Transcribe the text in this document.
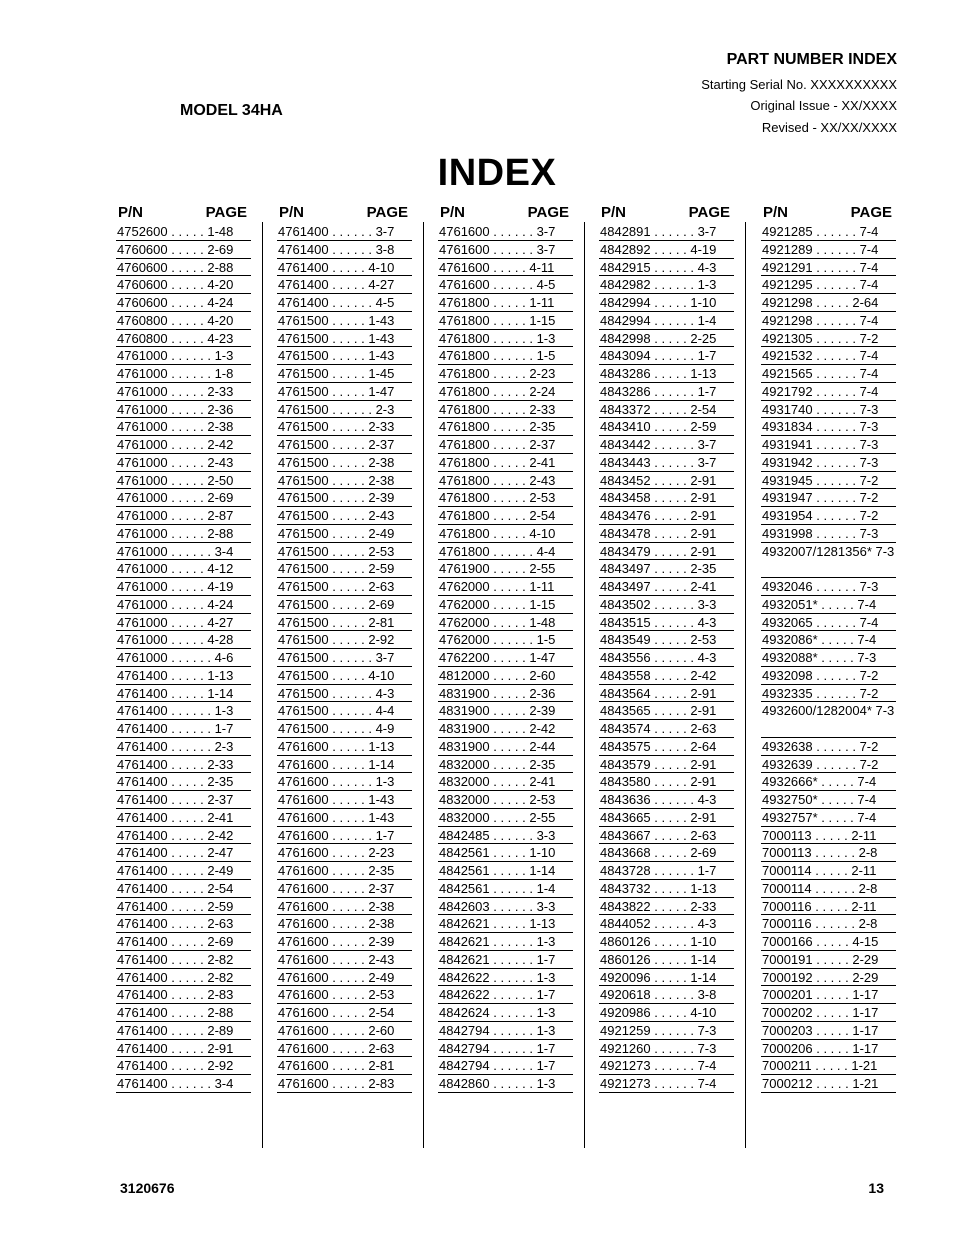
PART NUMBER INDEX
Starting Serial No. XXXXXXXXXX
Original Issue - XX/XXXX
Revised - XX/XX/XXXX
MODEL 34HA
INDEX
P/N	PAGE
4752600 . . . . . 1-48
4760600 . . . . . 2-69
4760600 . . . . . 2-88
4760600 . . . . . 4-20
4760600 . . . . . 4-24
4760800 . . . . . 4-20
4760800 . . . . . 4-23
4761000 . . . . . . 1-3
4761000 . . . . . . 1-8
4761000 . . . . . 2-33
4761000 . . . . . 2-36
4761000 . . . . . 2-38
4761000 . . . . . 2-42
4761000 . . . . . 2-43
4761000 . . . . . 2-50
4761000 . . . . . 2-69
4761000 . . . . . 2-87
4761000 . . . . . 2-88
4761000 . . . . . . 3-4
4761000 . . . . . 4-12
4761000 . . . . . 4-19
4761000 . . . . . 4-24
4761000 . . . . . 4-27
4761000 . . . . . 4-28
4761000 . . . . . . 4-6
4761400 . . . . . 1-13
4761400 . . . . . 1-14
4761400 . . . . . . 1-3
4761400 . . . . . . 1-7
4761400 . . . . . . 2-3
4761400 . . . . . 2-33
4761400 . . . . . 2-35
4761400 . . . . . 2-37
4761400 . . . . . 2-41
4761400 . . . . . 2-42
4761400 . . . . . 2-47
4761400 . . . . . 2-49
4761400 . . . . . 2-54
4761400 . . . . . 2-59
4761400 . . . . . 2-63
4761400 . . . . . 2-69
4761400 . . . . . 2-82
4761400 . . . . . 2-82
4761400 . . . . . 2-83
4761400 . . . . . 2-88
4761400 . . . . . 2-89
4761400 . . . . . 2-91
4761400 . . . . . 2-92
4761400 . . . . . . 3-4
P/N	PAGE
4761400 . . . . . . 3-7
4761400 . . . . . . 3-8
4761400 . . . . . 4-10
4761400 . . . . . 4-27
4761400 . . . . . . 4-5
4761500 . . . . . 1-43
4761500 . . . . . 1-43
4761500 . . . . . 1-43
4761500 . . . . . 1-45
4761500 . . . . . 1-47
4761500 . . . . . . 2-3
4761500 . . . . . 2-33
4761500 . . . . . 2-37
4761500 . . . . . 2-38
4761500 . . . . . 2-38
4761500 . . . . . 2-39
4761500 . . . . . 2-43
4761500 . . . . . 2-49
4761500 . . . . . 2-53
4761500 . . . . . 2-59
4761500 . . . . . 2-63
4761500 . . . . . 2-69
4761500 . . . . . 2-81
4761500 . . . . . 2-92
4761500 . . . . . . 3-7
4761500 . . . . . 4-10
4761500 . . . . . . 4-3
4761500 . . . . . . 4-4
4761500 . . . . . . 4-9
4761600 . . . . . 1-13
4761600 . . . . . 1-14
4761600 . . . . . . 1-3
4761600 . . . . . 1-43
4761600 . . . . . 1-43
4761600 . . . . . . 1-7
4761600 . . . . . 2-23
4761600 . . . . . 2-35
4761600 . . . . . 2-37
4761600 . . . . . 2-38
4761600 . . . . . 2-38
4761600 . . . . . 2-39
4761600 . . . . . 2-43
4761600 . . . . . 2-49
4761600 . . . . . 2-53
4761600 . . . . . 2-54
4761600 . . . . . 2-60
4761600 . . . . . 2-63
4761600 . . . . . 2-81
4761600 . . . . . 2-83
P/N	PAGE
4761600 . . . . . . 3-7
4761600 . . . . . . 3-7
4761600 . . . . . 4-11
4761600 . . . . . . 4-5
4761800 . . . . . 1-11
4761800 . . . . . 1-15
4761800 . . . . . . 1-3
4761800 . . . . . . 1-5
4761800 . . . . . 2-23
4761800 . . . . . 2-24
4761800 . . . . . 2-33
4761800 . . . . . 2-35
4761800 . . . . . 2-37
4761800 . . . . . 2-41
4761800 . . . . . 2-43
4761800 . . . . . 2-53
4761800 . . . . . 2-54
4761800 . . . . . 4-10
4761800 . . . . . . 4-4
4761900 . . . . . 2-55
4762000 . . . . . 1-11
4762000 . . . . . 1-15
4762000 . . . . . 1-48
4762000 . . . . . . 1-5
4762200 . . . . . 1-47
4812000 . . . . . 2-60
4831900 . . . . . 2-36
4831900 . . . . . 2-39
4831900 . . . . . 2-42
4831900 . . . . . 2-44
4832000 . . . . . 2-35
4832000 . . . . . 2-41
4832000 . . . . . 2-53
4832000 . . . . . 2-55
4842485 . . . . . . 3-3
4842561 . . . . . 1-10
4842561 . . . . . 1-14
4842561 . . . . . . 1-4
4842603 . . . . . . 3-3
4842621 . . . . . 1-13
4842621 . . . . . . 1-3
4842621 . . . . . . 1-7
4842622 . . . . . . 1-3
4842622 . . . . . . 1-7
4842624 . . . . . . 1-3
4842794 . . . . . . 1-3
4842794 . . . . . . 1-7
4842794 . . . . . . 1-7
4842860 . . . . . . 1-3
P/N	PAGE
4842891 . . . . . . 3-7
4842892 . . . . . 4-19
4842915 . . . . . . 4-3
4842982 . . . . . . 1-3
4842994 . . . . . 1-10
4842994 . . . . . . 1-4
4842998 . . . . . 2-25
4843094 . . . . . . 1-7
4843286 . . . . . 1-13
4843286 . . . . . . 1-7
4843372 . . . . . 2-54
4843410 . . . . . 2-59
4843442 . . . . . . 3-7
4843443 . . . . . . 3-7
4843452 . . . . . 2-91
4843458 . . . . . 2-91
4843476 . . . . . 2-91
4843478 . . . . . 2-91
4843479 . . . . . 2-91
4843497 . . . . . 2-35
4843497 . . . . . 2-41
4843502 . . . . . . 3-3
4843515 . . . . . . 4-3
4843549 . . . . . 2-53
4843556 . . . . . . 4-3
4843558 . . . . . 2-42
4843564 . . . . . 2-91
4843565 . . . . . 2-91
4843574 . . . . . 2-63
4843575 . . . . . 2-64
4843579 . . . . . 2-91
4843580 . . . . . 2-91
4843636 . . . . . . 4-3
4843665 . . . . . 2-91
4843667 . . . . . 2-63
4843668 . . . . . 2-69
4843728 . . . . . . 1-7
4843732 . . . . . 1-13
4843822 . . . . . 2-33
4844052 . . . . . . 4-3
4860126 . . . . . 1-10
4860126 . . . . . 1-14
4920096 . . . . . 1-14
4920618 . . . . . . 3-8
4920986 . . . . . 4-10
4921259 . . . . . . 7-3
4921260 . . . . . . 7-3
4921273 . . . . . . 7-4
4921273 . . . . . . 7-4
P/N	PAGE
4921285 . . . . . . 7-4
4921289 . . . . . . 7-4
4921291 . . . . . . 7-4
4921295 . . . . . . 7-4
4921298 . . . . . 2-64
4921298 . . . . . . 7-4
4921305 . . . . . . 7-2
4921532 . . . . . . 7-4
4921565 . . . . . . 7-4
4921792 . . . . . . 7-4
4931740 . . . . . . 7-3
4931834 . . . . . . 7-3
4931941 . . . . . . 7-3
4931942 . . . . . . 7-3
4931945 . . . . . . 7-2
4931947 . . . . . . 7-2
4931954 . . . . . . 7-2
4931998 . . . . . . 7-3
4932007/1281356* 7-3
4932046 . . . . . . 7-3
4932051* . . . . . 7-4
4932065 . . . . . . 7-4
4932086* . . . . . 7-4
4932088* . . . . . 7-3
4932098 . . . . . . 7-2
4932335 . . . . . . 7-2
4932600/1282004* 7-3
4932638 . . . . . . 7-2
4932639 . . . . . . 7-2
4932666* . . . . . 7-4
4932750* . . . . . 7-4
4932757* . . . . . 7-4
7000113 . . . . . 2-11
7000113 . . . . . . 2-8
7000114 . . . . . 2-11
7000114 . . . . . . 2-8
7000116 . . . . . 2-11
7000116 . . . . . . 2-8
7000166 . . . . . 4-15
7000191 . . . . . 2-29
7000192 . . . . . 2-29
7000201 . . . . . 1-17
7000202 . . . . . 1-17
7000203 . . . . . 1-17
7000206 . . . . . 1-17
7000211 . . . . . 1-21
7000212 . . . . . 1-21
3120676	13
